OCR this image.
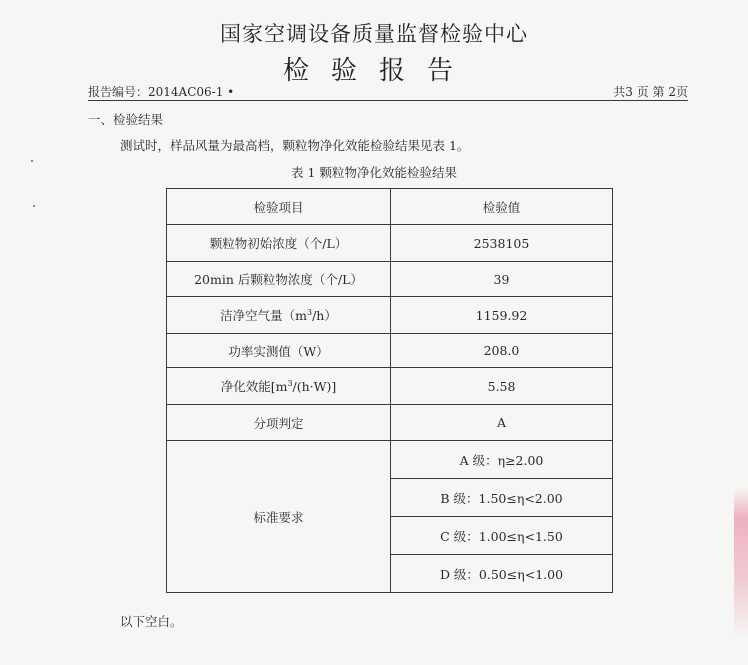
国家空调设备质量监督检验中心
检验报告
报告编号：2014AC06-1 •	共3 页 第 2页
一、检验结果
测试时，样品风量为最高档，颗粒物净化效能检验结果见表 1。
表 1 颗粒物净化效能检验结果
检验项目	检验值
颗粒物初始浓度（个/L）	2538105
20min 后颗粒物浓度（个/L）	39
洁净空气量$(m^3/h)$	1159.92
功率实测值（W）	208.0
净化效能$[m^3/(h\cdot W)]$	5.58
分项判定	A
标准要求	A 级：η≥2.00
	B 级：1.50≤η<2.00
	C 级：1.00≤η<1.50
	D 级：0.50≤η<1.00
以下空白。
